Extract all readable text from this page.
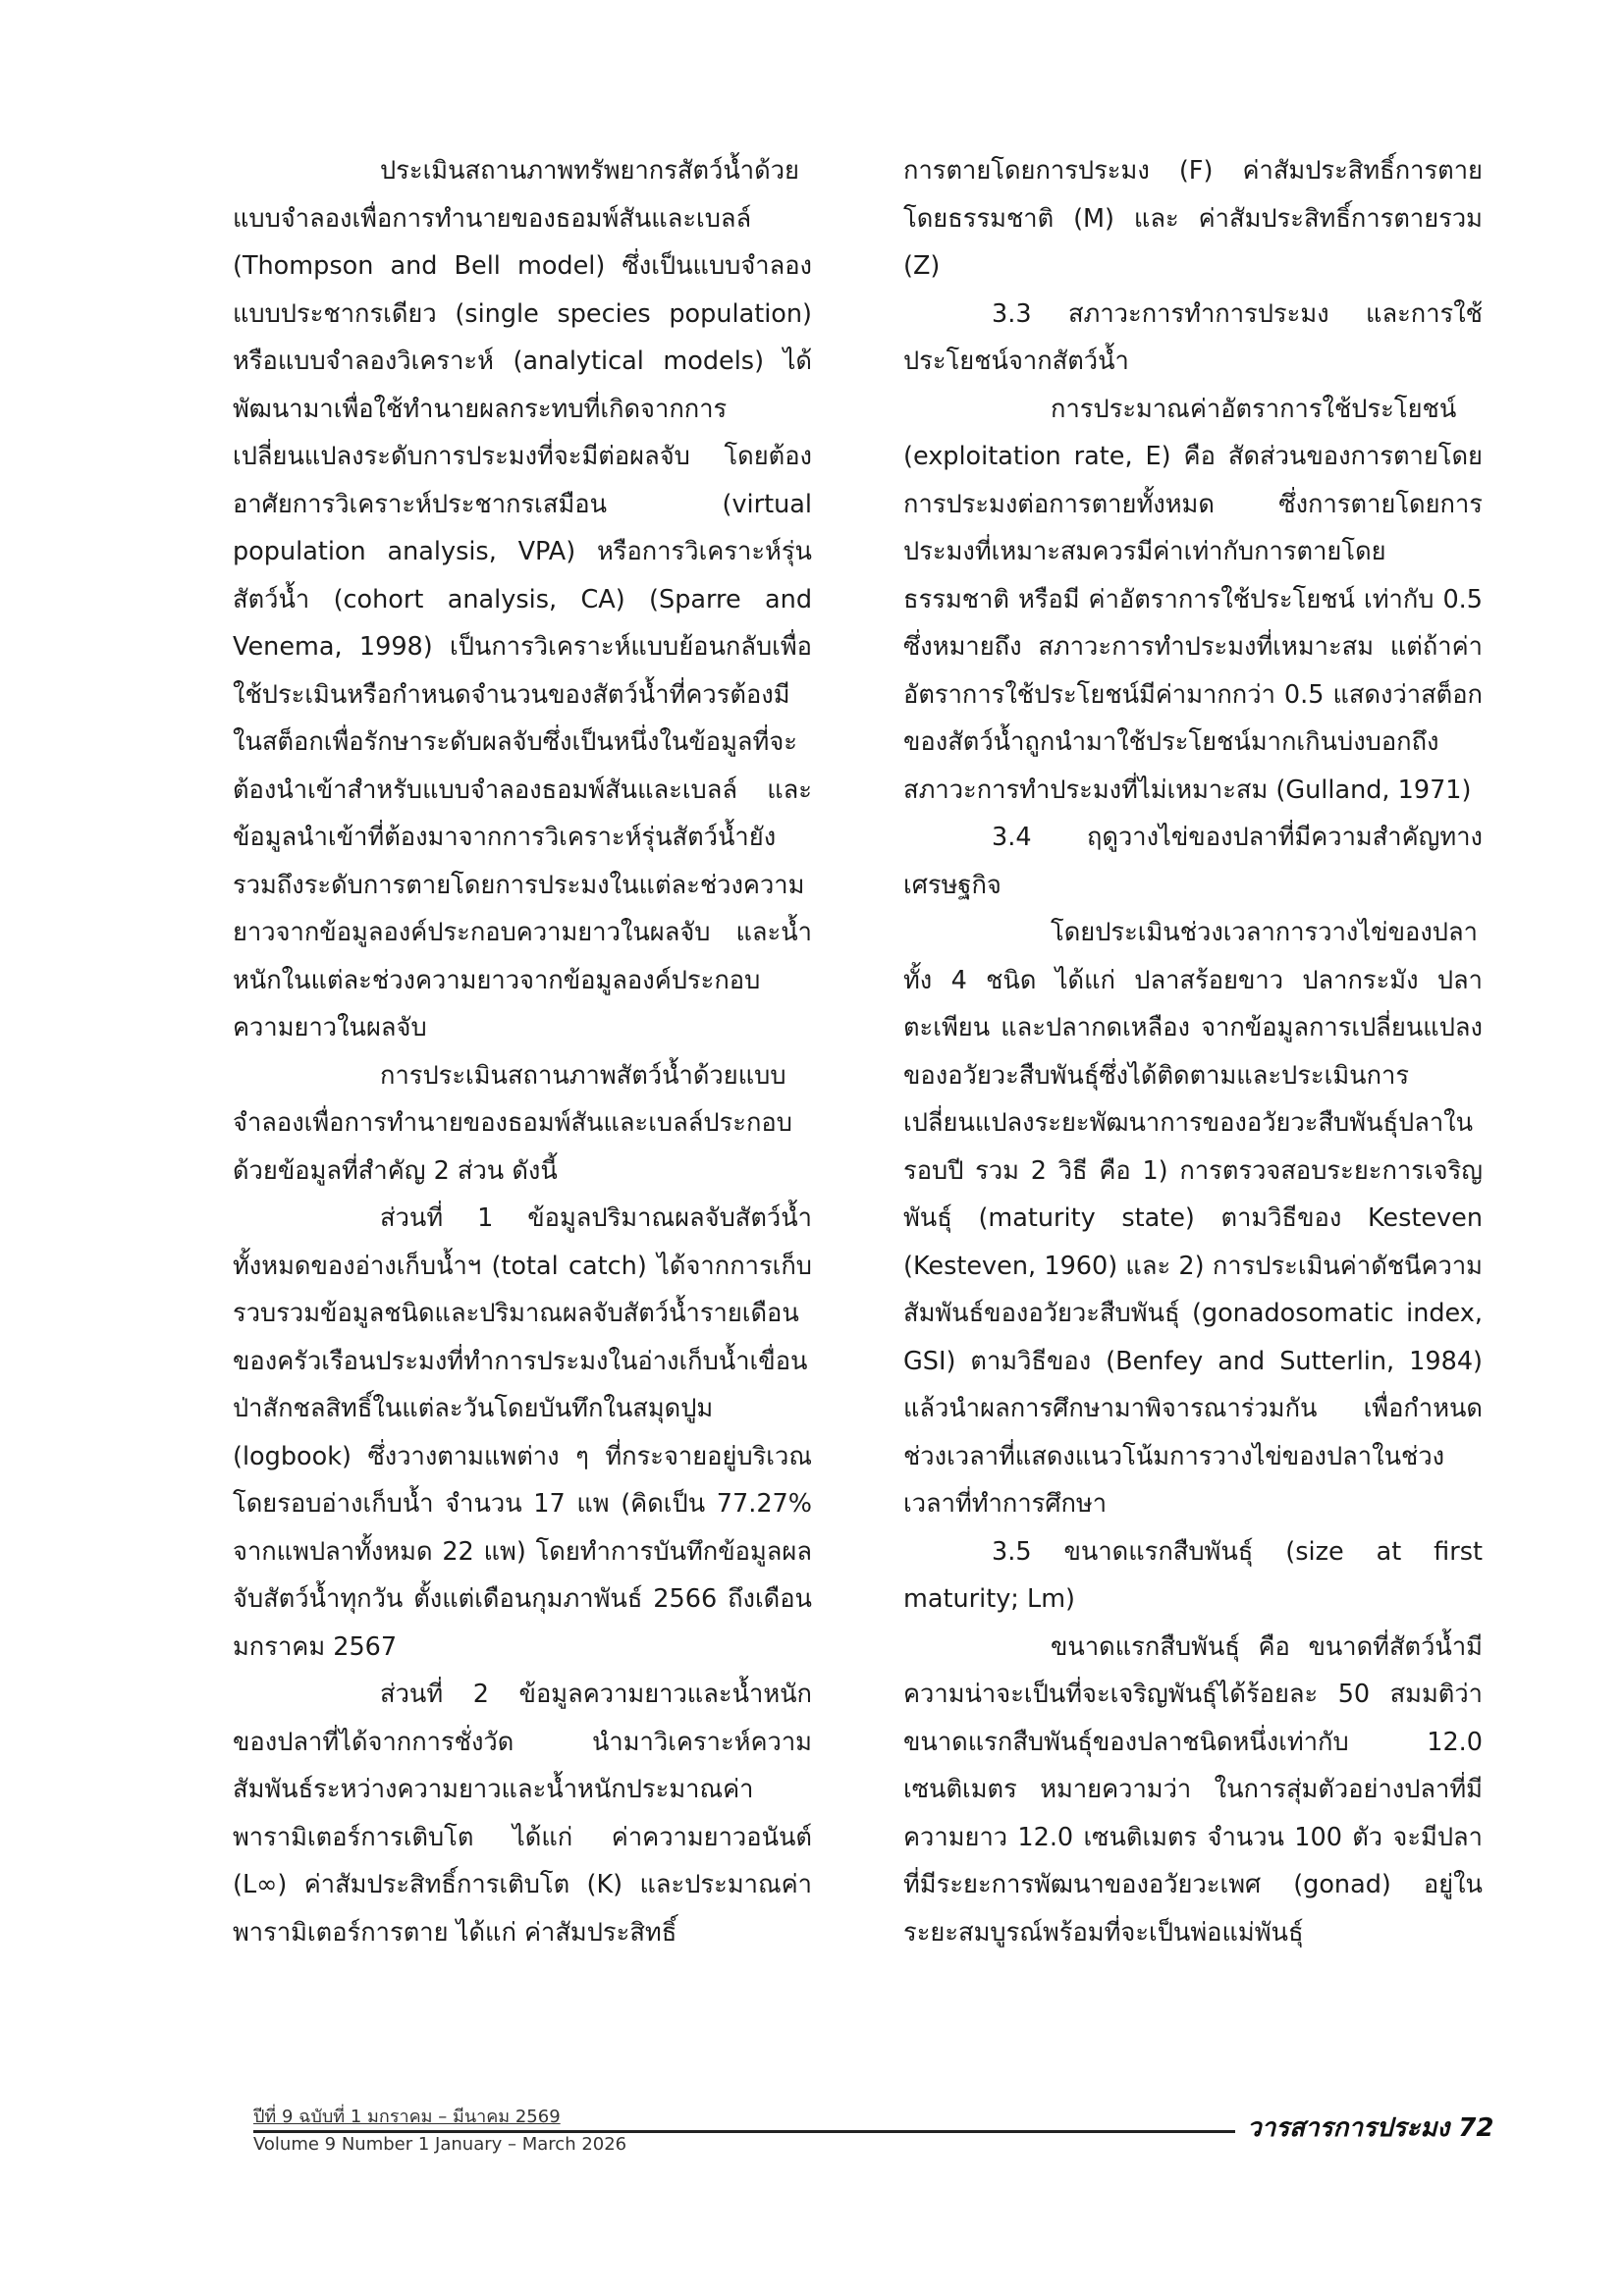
ประเมินสถานภาพทรัพยากรสัตว์น้ำด้วยแบบจำลองเพื่อการทำนายของธอมพ์สันและเบลล์ (Thompson and Bell model) ซึ่งเป็นแบบจำลองแบบประชากรเดียว (single species population) หรือแบบจำลองวิเคราะห์ (analytical models) ได้พัฒนามาเพื่อใช้ทำนายผลกระทบที่เกิดจากการเปลี่ยนแปลงระดับการประมงที่จะมีต่อผลจับ โดยต้องอาศัยการวิเคราะห์ประชากรเสมือน (virtual population analysis, VPA) หรือการวิเคราะห์รุ่นสัตว์น้ำ (cohort analysis, CA) (Sparre and Venema, 1998) เป็นการวิเคราะห์แบบย้อนกลับเพื่อใช้ประเมินหรือกำหนดจำนวนของสัตว์น้ำที่ควรต้องมีในสต็อกเพื่อรักษาระดับผลจับซึ่งเป็นหนึ่งในข้อมูลที่จะต้องนำเข้าสำหรับแบบจำลองธอมพ์สันและเบลล์ และข้อมูลนำเข้าที่ต้องมาจากการวิเคราะห์รุ่นสัตว์น้ำยังรวมถึงระดับการตายโดยการประมงในแต่ละช่วงความยาวจากข้อมูลองค์ประกอบความยาวในผลจับ และน้ำหนักในแต่ละช่วงความยาวจากข้อมูลองค์ประกอบความยาวในผลจับ

การประเมินสถานภาพสัตว์น้ำด้วยแบบจำลองเพื่อการทำนายของธอมพ์สันและเบลล์ประกอบด้วยข้อมูลที่สำคัญ 2 ส่วน ดังนี้

ส่วนที่ 1 ข้อมูลปริมาณผลจับสัตว์น้ำทั้งหมดของอ่างเก็บน้ำฯ (total catch) ได้จากการเก็บรวบรวมข้อมูลชนิดและปริมาณผลจับสัตว์น้ำรายเดือนของครัวเรือนประมงที่ทำการประมงในอ่างเก็บน้ำเขื่อนป่าสักชลสิทธิ์ในแต่ละวันโดยบันทึกในสมุดปูม (logbook) ซึ่งวางตามแพต่าง ๆ ที่กระจายอยู่บริเวณโดยรอบอ่างเก็บน้ำ จำนวน 17 แพ (คิดเป็น 77.27% จากแพปลาทั้งหมด 22 แพ) โดยทำการบันทึกข้อมูลผลจับสัตว์น้ำทุกวัน ตั้งแต่เดือนกุมภาพันธ์ 2566 ถึงเดือนมกราคม 2567

ส่วนที่ 2 ข้อมูลความยาวและน้ำหนักของปลาที่ได้จากการชั่งวัด นำมาวิเคราะห์ความสัมพันธ์ระหว่างความยาวและน้ำหนักประมาณค่าพารามิเตอร์การเติบโต ได้แก่ ค่าความยาวอนันต์ (L∞) ค่าสัมประสิทธิ์การเติบโต (K) และประมาณค่าพารามิเตอร์การตาย ได้แก่ ค่าสัมประสิทธิ์

การตายโดยการประมง (F) ค่าสัมประสิทธิ์การตายโดยธรรมชาติ (M) และ ค่าสัมประสิทธิ์การตายรวม (Z)

3.3 สภาวะการทำการประมง และการใช้ประโยชน์จากสัตว์น้ำ

การประมาณค่าอัตราการใช้ประโยชน์ (exploitation rate, E) คือ สัดส่วนของการตายโดยการประมงต่อการตายทั้งหมด ซึ่งการตายโดยการประมงที่เหมาะสมควรมีค่าเท่ากับการตายโดยธรรมชาติ หรือมี ค่าอัตราการใช้ประโยชน์ เท่ากับ 0.5 ซึ่งหมายถึง สภาวะการทำประมงที่เหมาะสม แต่ถ้าค่าอัตราการใช้ประโยชน์มีค่ามากกว่า 0.5 แสดงว่าสต็อกของสัตว์น้ำถูกนำมาใช้ประโยชน์มากเกินบ่งบอกถึงสภาวะการทำประมงที่ไม่เหมาะสม (Gulland, 1971)

3.4 ฤดูวางไข่ของปลาที่มีความสำคัญทางเศรษฐกิจ

โดยประเมินช่วงเวลาการวางไข่ของปลาทั้ง 4 ชนิด ได้แก่ ปลาสร้อยขาว ปลากระมัง ปลาตะเพียน และปลากดเหลือง จากข้อมูลการเปลี่ยนแปลงของอวัยวะสืบพันธุ์ซึ่งได้ติดตามและประเมินการเปลี่ยนแปลงระยะพัฒนาการของอวัยวะสืบพันธุ์ปลาในรอบปี รวม 2 วิธี คือ 1) การตรวจสอบระยะการเจริญพันธุ์ (maturity state) ตามวิธีของ Kesteven (Kesteven, 1960) และ 2) การประเมินค่าดัชนีความสัมพันธ์ของอวัยวะสืบพันธุ์ (gonadosomatic index, GSI) ตามวิธีของ (Benfey and Sutterlin, 1984) แล้วนำผลการศึกษามาพิจารณาร่วมกัน เพื่อกำหนดช่วงเวลาที่แสดงแนวโน้มการวางไข่ของปลาในช่วงเวลาที่ทำการศึกษา

3.5 ขนาดแรกสืบพันธุ์ (size at first maturity; Lm)

ขนาดแรกสืบพันธุ์ คือ ขนาดที่สัตว์น้ำมีความน่าจะเป็นที่จะเจริญพันธุ์ได้ร้อยละ 50 สมมติว่าขนาดแรกสืบพันธุ์ของปลาชนิดหนึ่งเท่ากับ 12.0 เซนติเมตร หมายความว่า ในการสุ่มตัวอย่างปลาที่มีความยาว 12.0 เซนติเมตร จำนวน 100 ตัว จะมีปลาที่มีระยะการพัฒนาของอวัยวะเพศ (gonad) อยู่ในระยะสมบูรณ์พร้อมที่จะเป็นพ่อแม่พันธุ์

ปีที่ 9 ฉบับที่ 1 มกราคม – มีนาคม 2569
Volume 9 Number 1 January – March 2026
วารสารการประมง 72
